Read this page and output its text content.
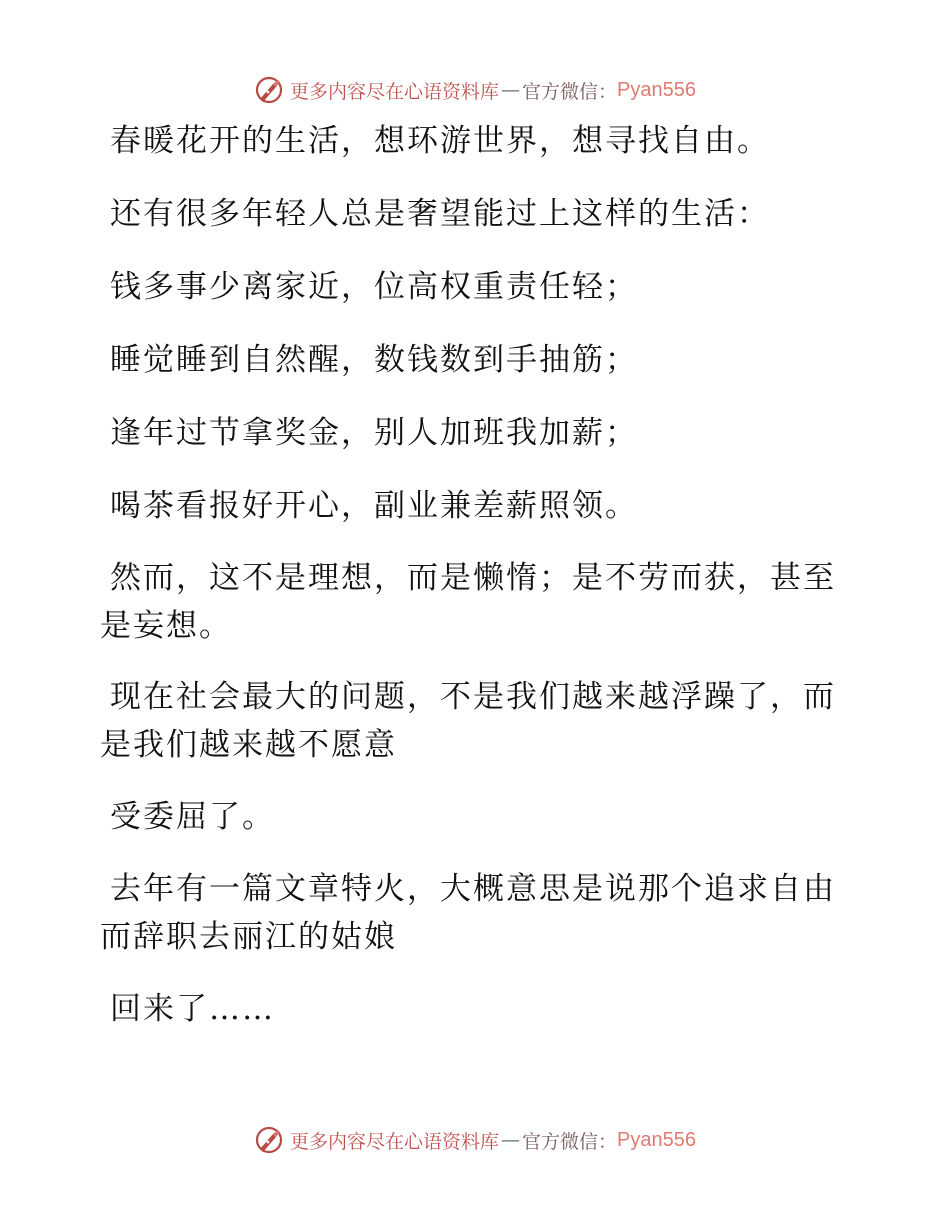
更多内容尽在心语资料库 — 官方微信： Pyan556

春暖花开的生活，想环游世界，想寻找自由。

还有很多年轻人总是奢望能过上这样的生活：

钱多事少离家近，位高权重责任轻；

睡觉睡到自然醒，数钱数到手抽筋；

逢年过节拿奖金，别人加班我加薪；

喝茶看报好开心，副业兼差薪照领。

然而，这不是理想，而是懒惰；是不劳而获，甚至是妄想。

现在社会最大的问题，不是我们越来越浮躁了，而是我们越来越不愿意

受委屈了。

去年有一篇文章特火，大概意思是说那个追求自由而辞职去丽江的姑娘

回来了……

更多内容尽在心语资料库 — 官方微信： Pyan556
